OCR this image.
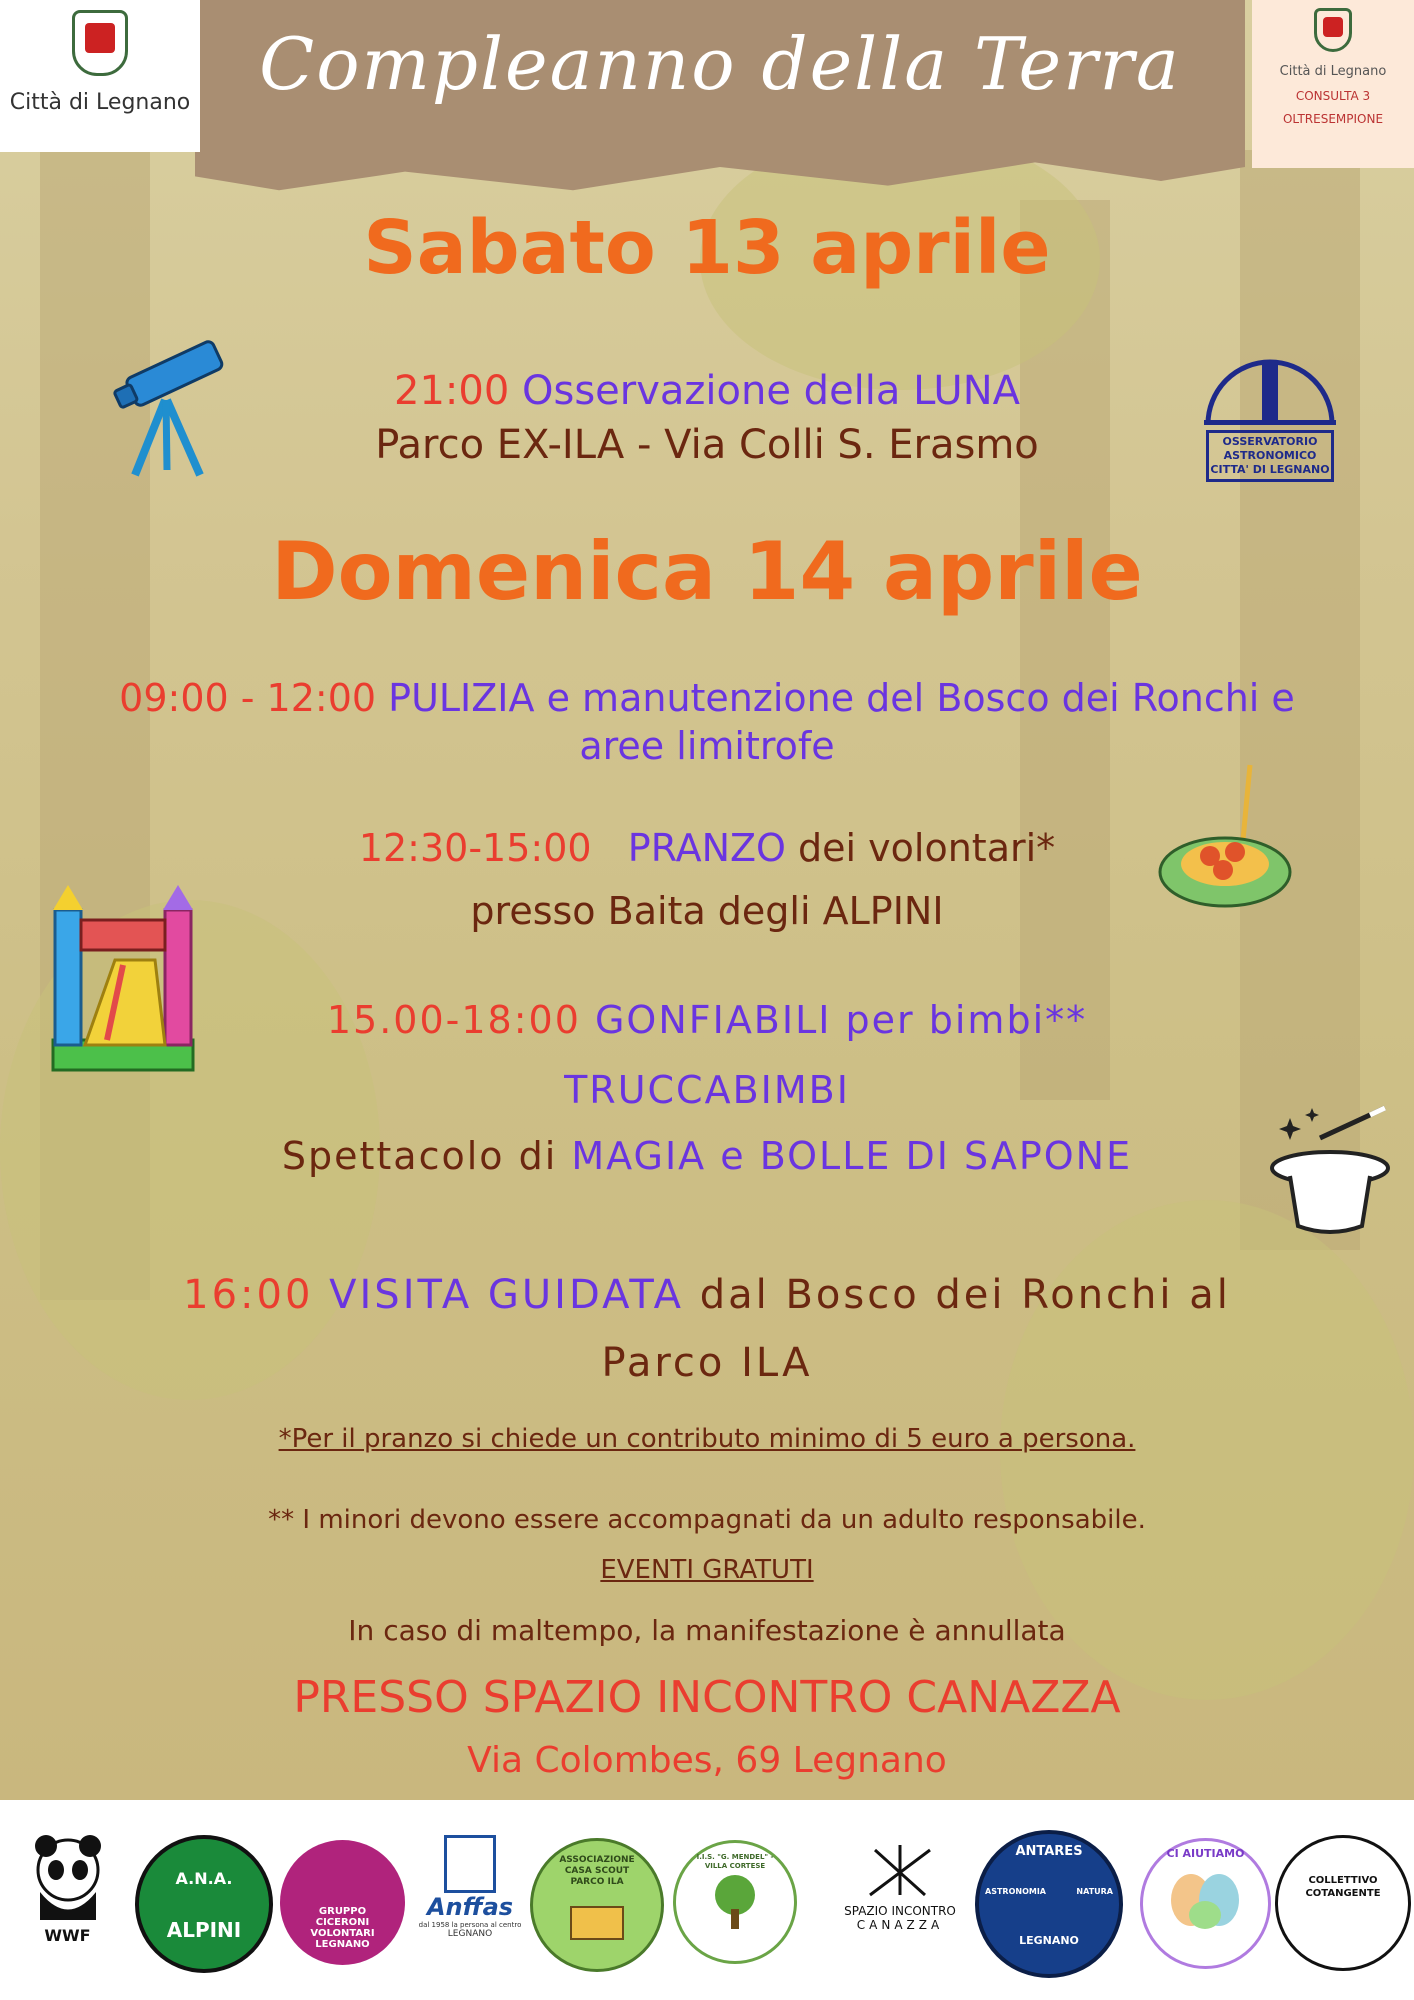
Compleanno della Terra
Città di Legnano
Città di Legnano
CONSULTA 3
OLTRESEMPIONE
Sabato 13 aprile
21:00 Osservazione della LUNA
Parco EX-ILA - Via Colli S. Erasmo	OSSERVATORIO
ASTRONOMICO
CITTA' DI LEGNANO
Domenica 14 aprile
09:00 - 12:00 PULIZIA e manutenzione del Bosco dei Ronchi e
aree limitrofe
12:30-15:00 PRANZO dei volontari*
presso Baita degli ALPINI
15.00-18:00 GONFIABILI per bimbi**
TRUCCABIMBI
Spettacolo di MAGIA e BOLLE DI SAPONE
16:00 VISITA GUIDATA dal Bosco dei Ronchi al
Parco ILA
*Per il pranzo si chiede un contributo minimo di 5 euro a persona.
** I minori devono essere accompagnati da un adulto responsabile.
EVENTI GRATUTI
In caso di maltempo, la manifestazione è annullata
PRESSO SPAZIO INCONTRO CANAZZA
Via Colombes, 69 Legnano
WWF
A.N.A.
ALPINI
GRUPPO
CICERONI
VOLONTARI
LEGNANO
Anffas
dal 1958 la persona al centro
LEGNANO
ASSOCIAZIONE CASA SCOUT PARCO ILA
I.I.S. "G. MENDEL" - VILLA CORTESE
SPAZIO INCONTRO
CANAZZA
ANTARES
ASTRONOMIA	NATURA
LEGNANO
CI AIUTIAMO
COLLETTIVO COTANGENTE
